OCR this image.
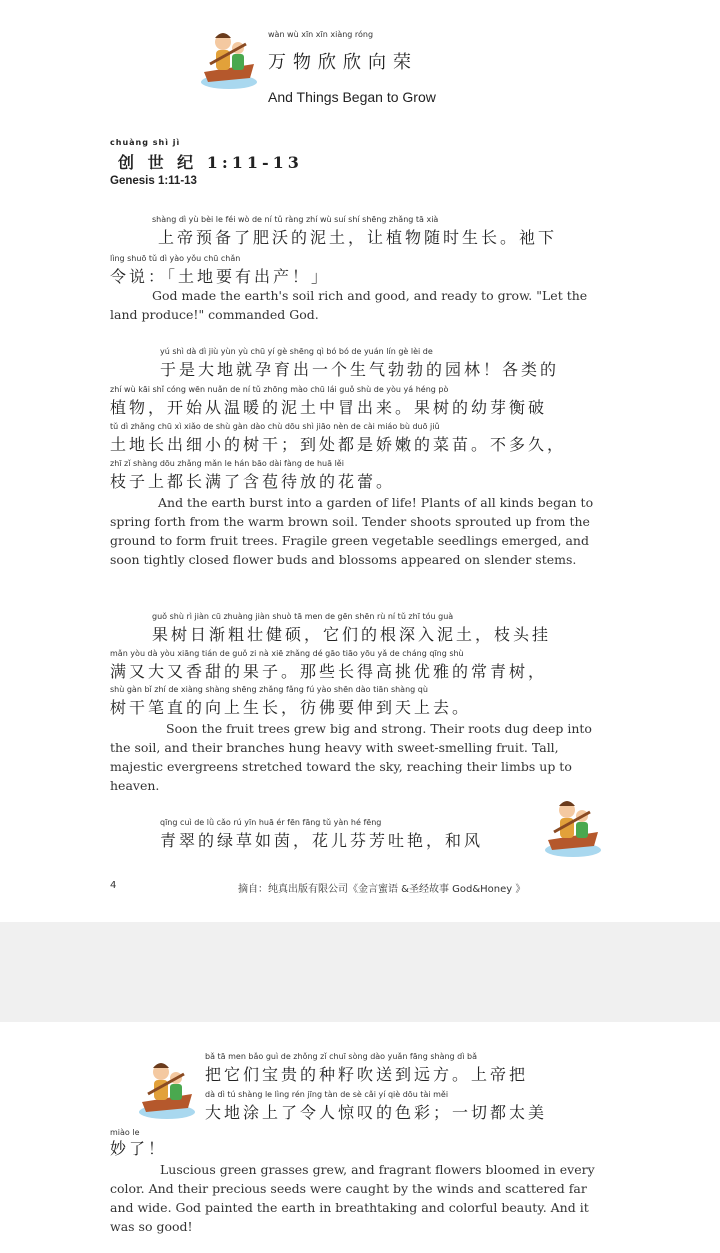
wàn wù xīn xīn xiàng róng
万物欣欣向荣
And Things Began to Grow
chuàng shì jì
创 世 纪 1:11-13
Genesis 1:11-13
shàng dì yù bèi le féi wò de ní tǔ ràng zhí wù suí shí shēng zhǎng tā xià
上帝预备了肥沃的泥土，让植物随时生长。祂下
lìng shuō tǔ dì yào yǒu chū chǎn
令说：「土地要有出产！」
God made the earth's soil rich and good, and ready to grow. "Let the land produce!" commanded God.
yú shì dà dì jiù yùn yù chū yí gè shēng qì bó bó de yuán lín gè lèi de
于是大地就孕育出一个生气勃勃的园林！各类的
zhí wù kāi shǐ cóng wēn nuǎn de ní tǔ zhōng mào chū lái guǒ shù de yòu yá héng pò
植物，开始从温暖的泥土中冒出来。果树的幼芽衡破
tǔ dì zhǎng chū xì xiǎo de shù gàn dào chù dōu shì jiāo nèn de cài miáo bù duō jiǔ
土地长出细小的树干；到处都是娇嫩的菜苗。不多久，
zhī zǐ shàng dōu zhǎng mǎn le hán bāo dài fàng de huā lěi
枝子上都长满了含苞待放的花蕾。
And the earth burst into a garden of life! Plants of all kinds began to spring forth from the warm brown soil. Tender shoots sprouted up from the ground to form fruit trees. Fragile green vegetable seedlings emerged, and soon tightly closed flower buds and blossoms appeared on slender stems.
guǒ shù rì jiàn cū zhuàng jiàn shuò tā men de gēn shēn rù ní tǔ zhī tóu guà
果树日渐粗壮健硕，它们的根深入泥土，枝头挂
mǎn yòu dà yòu xiāng tián de guǒ zi nà xiē zhǎng dé gāo tiāo yōu yǎ de cháng qīng shù
满又大又香甜的果子。那些长得高挑优雅的常青树，
shù gàn bǐ zhí de xiàng shàng shēng zhǎng fǎng fú yào shēn dào tiān shàng qù
树干笔直的向上生长，彷佛要伸到天上去。
Soon the fruit trees grew big and strong. Their roots dug deep into the soil, and their branches hung heavy with sweet-smelling fruit. Tall, majestic evergreens stretched toward the sky, reaching their limbs up to heaven.
qīng cuì de lǜ cǎo rú yīn huā ér fēn fāng tǔ yàn hé fēng
青翠的绿草如茵，花儿芬芳吐艳，和风
4	摘自：纯真出版有限公司《金言蜜语 &圣经故事 God&Honey 》
bǎ tā men bǎo guì de zhǒng zǐ chuī sòng dào yuǎn fāng shàng dì bǎ
把它们宝贵的种籽吹送到远方。上帝把
dà dì tú shàng le lìng rén jīng tàn de sè cǎi yí qiè dōu tài měi
大地涂上了令人惊叹的色彩；一切都太美
miào le
妙了！
Luscious green grasses grew, and fragrant flowers bloomed in every color. And their precious seeds were caught by the winds and scattered far and wide. God painted the earth in breathtaking and colorful beauty. And it was so good!
